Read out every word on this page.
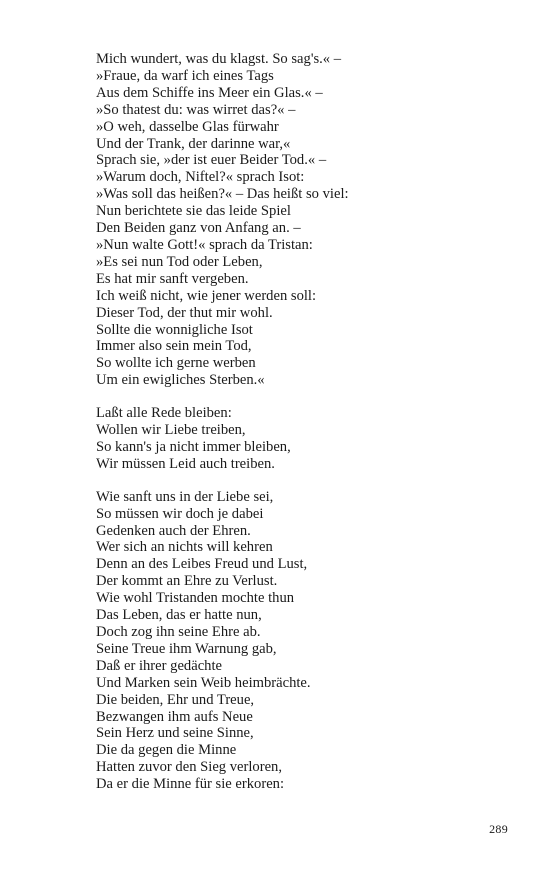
Mich wundert, was du klagst. So sag's.« –
»Fraue, da warf ich eines Tags
Aus dem Schiffe ins Meer ein Glas.« –
»So thatest du: was wirret das?« –
»O weh, dasselbe Glas fürwahr
Und der Trank, der darinne war,«
Sprach sie, »der ist euer Beider Tod.« –
»Warum doch, Niftel?« sprach Isot:
»Was soll das heißen?« – Das heißt so viel:
Nun berichtete sie das leide Spiel
Den Beiden ganz von Anfang an. –
»Nun walte Gott!« sprach da Tristan:
»Es sei nun Tod oder Leben,
Es hat mir sanft vergeben.
Ich weiß nicht, wie jener werden soll:
Dieser Tod, der thut mir wohl.
Sollte die wonnigliche Isot
Immer also sein mein Tod,
So wollte ich gerne werben
Um ein ewigliches Sterben.«
Laßt alle Rede bleiben:
Wollen wir Liebe treiben,
So kann's ja nicht immer bleiben,
Wir müssen Leid auch treiben.
Wie sanft uns in der Liebe sei,
So müssen wir doch je dabei
Gedenken auch der Ehren.
Wer sich an nichts will kehren
Denn an des Leibes Freud und Lust,
Der kommt an Ehre zu Verlust.
Wie wohl Tristanden mochte thun
Das Leben, das er hatte nun,
Doch zog ihn seine Ehre ab.
Seine Treue ihm Warnung gab,
Daß er ihrer gedächte
Und Marken sein Weib heimbrächte.
Die beiden, Ehr und Treue,
Bezwangen ihm aufs Neue
Sein Herz und seine Sinne,
Die da gegen die Minne
Hatten zuvor den Sieg verloren,
Da er die Minne für sie erkoren:
289
